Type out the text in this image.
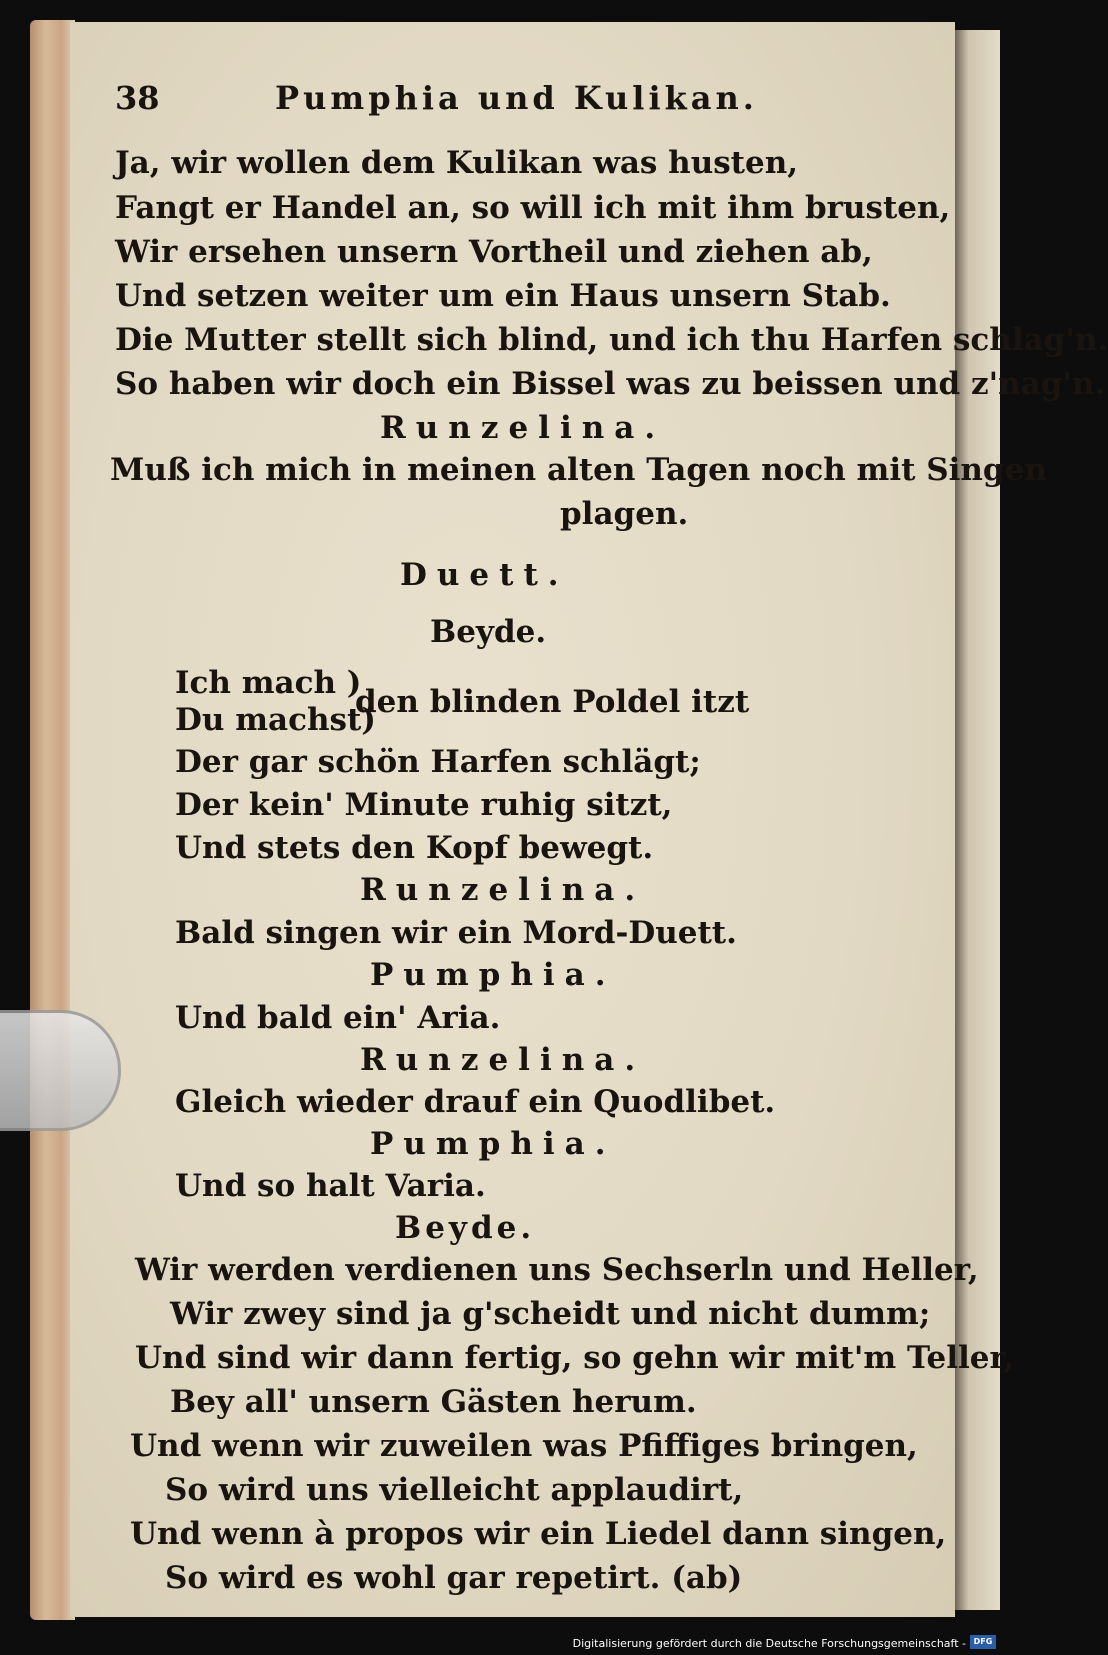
38	Pumphia und Kulikan.
Ja, wir wollen dem Kulikan was husten,
Fangt er Handel an, so will ich mit ihm brusten,
Wir ersehen unsern Vortheil und ziehen ab,
Und setzen weiter um ein Haus unsern Stab.
Die Mutter stellt sich blind, und ich thu Harfen schlag'n.
So haben wir doch ein Bissel was zu beissen und z'nag'n.
Runzelina.
Muß ich mich in meinen alten Tagen noch mit Singen
plagen.
Duett.
Beyde.
Ich mach )
Du machst)
den blinden Poldel itzt
Der gar schön Harfen schlägt;
Der kein' Minute ruhig sitzt,
Und stets den Kopf bewegt.
Runzelina.
Bald singen wir ein Mord-Duett.
Pumphia.
Und bald ein' Aria.
Runzelina.
Gleich wieder drauf ein Quodlibet.
Pumphia.
Und so halt Varia.
Beyde.
Wir werden verdienen uns Sechserln und Heller,
Wir zwey sind ja g'scheidt und nicht dumm;
Und sind wir dann fertig, so gehn wir mit'm Teller,
Bey all' unsern Gästen herum.
Und wenn wir zuweilen was Pfiffiges bringen,
So wird uns vielleicht applaudirt,
Und wenn à propos wir ein Liedel dann singen,
So wird es wohl gar repetirt. (ab)
Digitalisierung gefördert durch die Deutsche Forschungsgemeinschaft - DFG
